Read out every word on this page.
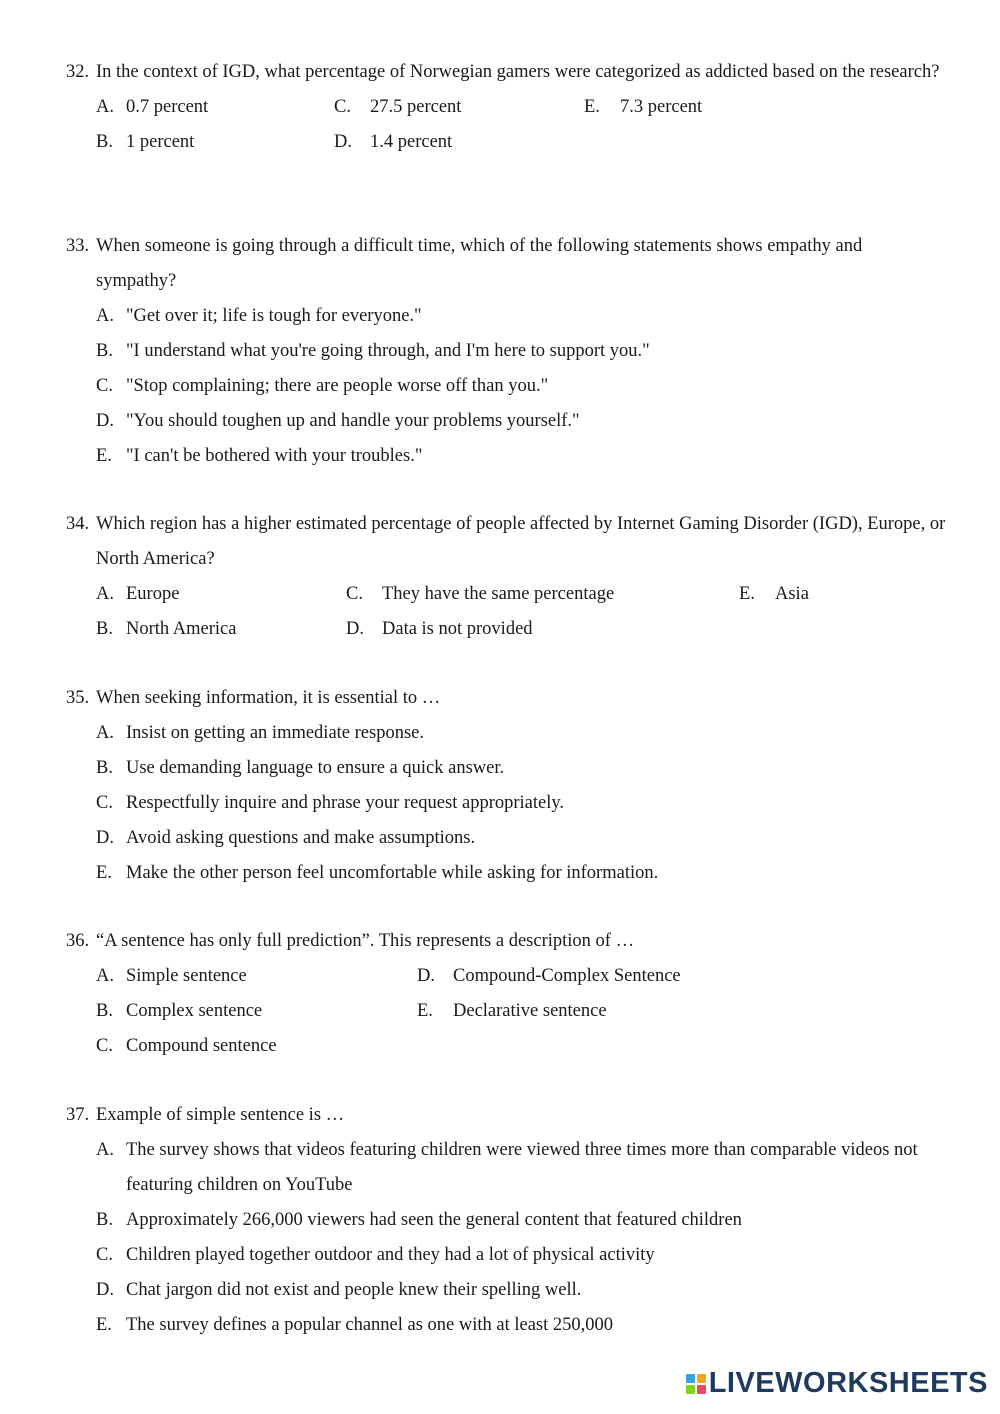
32. In the context of IGD, what percentage of Norwegian gamers were categorized as addicted based on the research?
A. 0.7 percent
B. 1 percent
C. 27.5 percent
D. 1.4 percent
E. 7.3 percent
33. When someone is going through a difficult time, which of the following statements shows empathy and sympathy?
A. "Get over it; life is tough for everyone."
B. "I understand what you're going through, and I'm here to support you."
C. "Stop complaining; there are people worse off than you."
D. "You should toughen up and handle your problems yourself."
E. "I can't be bothered with your troubles."
34. Which region has a higher estimated percentage of people affected by Internet Gaming Disorder (IGD), Europe, or North America?
A. Europe
B. North America
C. They have the same percentage
D. Data is not provided
E. Asia
35. When seeking information, it is essential to …
A. Insist on getting an immediate response.
B. Use demanding language to ensure a quick answer.
C. Respectfully inquire and phrase your request appropriately.
D. Avoid asking questions and make assumptions.
E. Make the other person feel uncomfortable while asking for information.
36. “A sentence has only full prediction”. This represents a description of …
A. Simple sentence
B. Complex sentence
C. Compound sentence
D. Compound-Complex Sentence
E. Declarative sentence
37. Example of simple sentence is …
A. The survey shows that videos featuring children were viewed three times more than comparable videos not featuring children on YouTube
B. Approximately 266,000 viewers had seen the general content that featured children
C. Children played together outdoor and they had a lot of physical activity
D. Chat jargon did not exist and people knew their spelling well.
E. The survey defines a popular channel as one with at least 250,000
LIVEWORKSHEETS
